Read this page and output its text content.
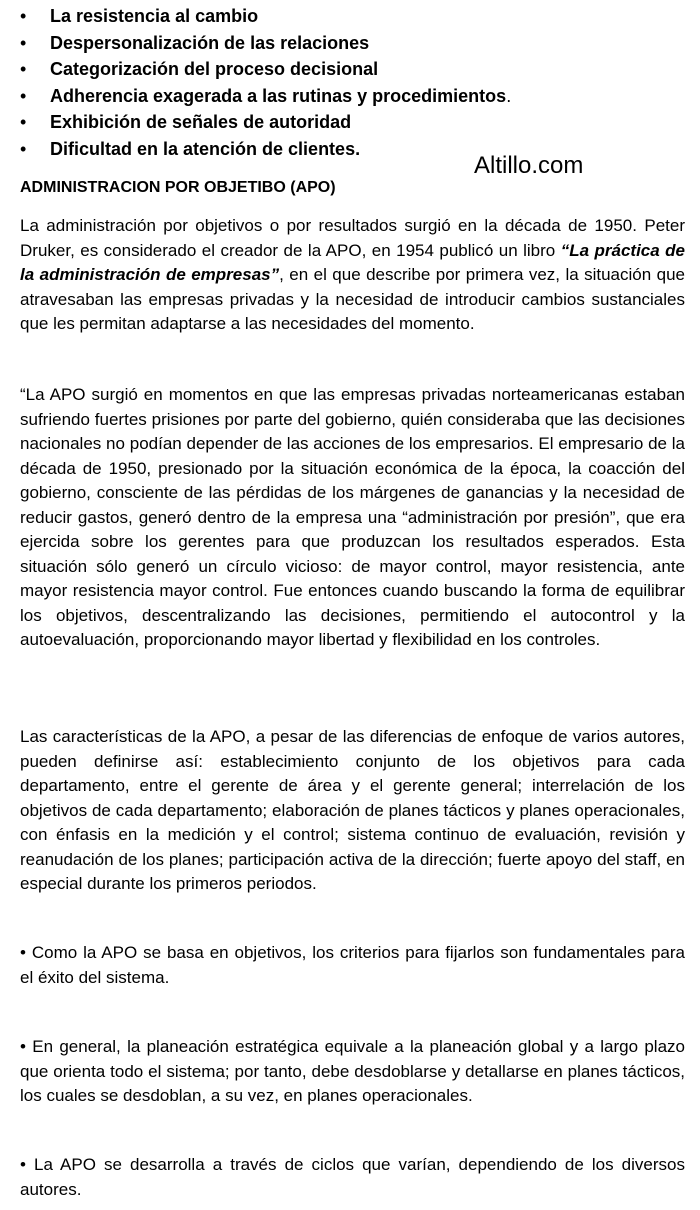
• La resistencia al cambio
• Despersonalización de las relaciones
• Categorización del proceso decisional
• Adherencia exagerada a las rutinas y procedimientos.
• Exhibición de señales de autoridad
• Dificultad en la atención de clientes.
Altillo.com
ADMINISTRACION POR OBJETIBO (APO)

La administración por objetivos o por resultados surgió en la década de 1950. Peter Druker, es considerado el creador de la APO, en 1954 publicó un libro “La práctica de la administración de empresas”, en el que describe por primera vez, la situación que atravesaban las empresas privadas y la necesidad de introducir cambios sustanciales que les permitan adaptarse a las necesidades del momento.

“La APO surgió en momentos en que las empresas privadas norteamericanas estaban sufriendo fuertes prisiones por parte del gobierno, quién consideraba que las decisiones nacionales no podían depender de las acciones de los empresarios. El empresario de la década de 1950, presionado por la situación económica de la época, la coacción del gobierno, consciente de las pérdidas de los márgenes de ganancias y la necesidad de reducir gastos, generó dentro de la empresa una “administración por presión”, que era ejercida sobre los gerentes para que produzcan los resultados esperados. Esta situación sólo generó un círculo vicioso: de mayor control, mayor resistencia, ante mayor resistencia mayor control. Fue entonces cuando buscando la forma de equilibrar los objetivos, descentralizando las decisiones, permitiendo el autocontrol y la autoevaluación, proporcionando mayor libertad y flexibilidad en los controles.

Las características de la APO, a pesar de las diferencias de enfoque de varios autores, pueden definirse así: establecimiento conjunto de los objetivos para cada departamento, entre el gerente de área y el gerente general; interrelación de los objetivos de cada departamento; elaboración de planes tácticos y planes operacionales, con énfasis en la medición y el control; sistema continuo de evaluación, revisión y reanudación de los planes; participación activa de la dirección; fuerte apoyo del staff, en especial durante los primeros periodos.

• Como la APO se basa en objetivos, los criterios para fijarlos son fundamentales para el éxito del sistema.

• En general, la planeación estratégica equivale a la planeación global y a largo plazo que orienta todo el sistema; por tanto, debe desdoblarse y detallarse en planes tácticos, los cuales se desdoblan, a su vez, en planes operacionales.

• La APO se desarrolla a través de ciclos que varían, dependiendo de los diversos autores.
